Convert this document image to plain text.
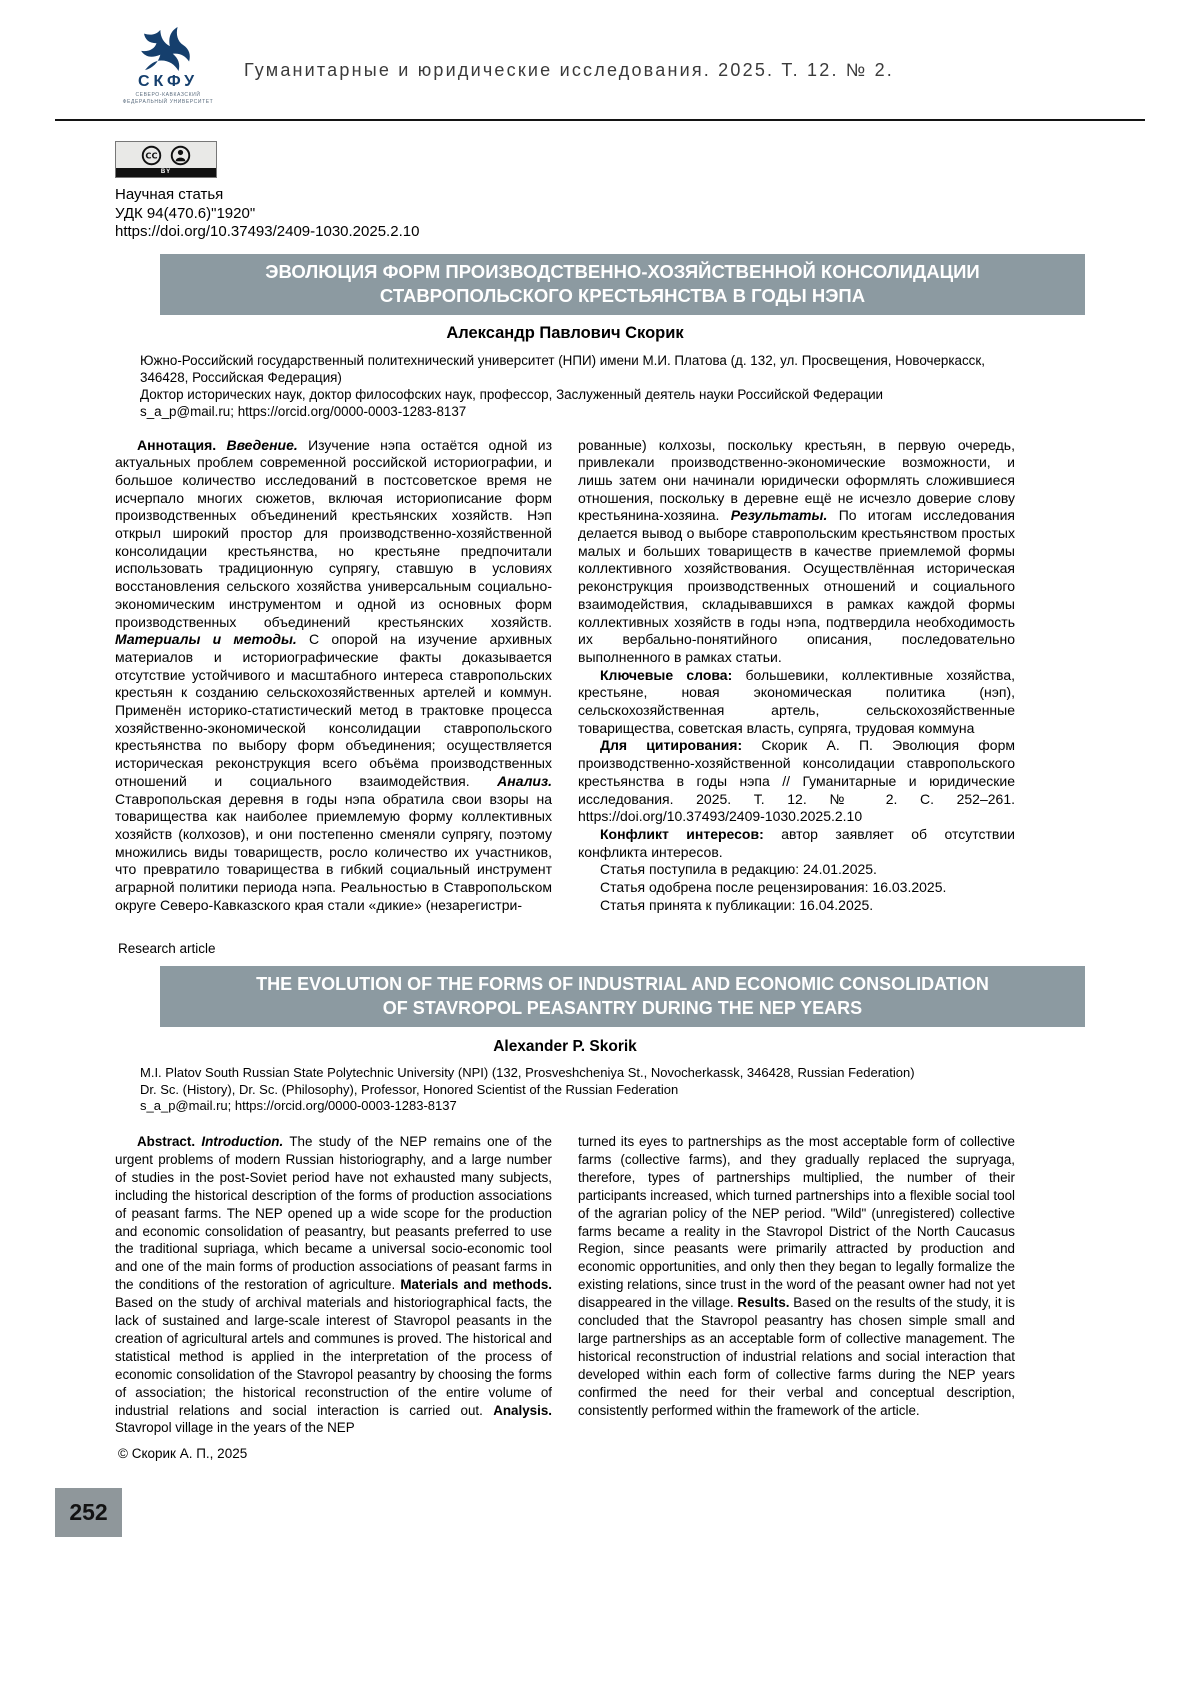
СКФУ
СЕВЕРО-КАВКАЗСКИЙ
ФЕДЕРАЛЬНЫЙ УНИВЕРСИТЕТ
Гуманитарные и юридические исследования. 2025. Т. 12. № 2.
CC
BY
Научная статья
УДК 94(470.6)"1920"
https://doi.org/10.37493/2409-1030.2025.2.10
ЭВОЛЮЦИЯ ФОРМ ПРОИЗВОДСТВЕННО-ХОЗЯЙСТВЕННОЙ КОНСОЛИДАЦИИ
СТАВРОПОЛЬСКОГО КРЕСТЬЯНСТВА В ГОДЫ НЭПА
Александр Павлович Скорик
Южно-Российский государственный политехнический университет (НПИ) имени М.И. Платова (д. 132, ул. Просвещения, Новочеркасск, 346428, Российская Федерация)
Доктор исторических наук, доктор философских наук, профессор, Заслуженный деятель науки Российской Федерации
s_a_p@mail.ru; https://orcid.org/0000-0003-1283-8137

Аннотация. Введение. Изучение нэпа остаётся одной из актуальных проблем современной российской историографии, и большое количество исследований в постсоветское время не исчерпало многих сюжетов, включая историописание форм производственных объединений крестьянских хозяйств. Нэп открыл широкий простор для производственно-хозяйственной консолидации крестьянства, но крестьяне предпочитали использовать традиционную супрягу, ставшую в условиях восстановления сельского хозяйства универсальным социально-экономическим инструментом и одной из основных форм производственных объединений крестьянских хозяйств. Материалы и методы. С опорой на изучение архивных материалов и историографические факты доказывается отсутствие устойчивого и масштабного интереса ставропольских крестьян к созданию сельскохозяйственных артелей и коммун. Применён историко-статистический метод в трактовке процесса хозяйственно-экономической консолидации ставропольского крестьянства по выбору форм объединения; осуществляется историческая реконструкция всего объёма производственных отношений и социального взаимодействия. Анализ. Ставропольская деревня в годы нэпа обратила свои взоры на товарищества как наиболее приемлемую форму коллективных хозяйств (колхозов), и они постепенно сменяли супрягу, поэтому множились виды товариществ, росло количество их участников, что превратило товарищества в гибкий социальный инструмент аграрной политики периода нэпа. Реальностью в Ставропольском округе Северо-Кавказского края стали «дикие» (незарегистри-

рованные) колхозы, поскольку крестьян, в первую очередь, привлекали производственно-экономические возможности, и лишь затем они начинали юридически оформлять сложившиеся отношения, поскольку в деревне ещё не исчезло доверие слову крестьянина-хозяина. Результаты. По итогам исследования делается вывод о выборе ставропольским крестьянством простых малых и больших товариществ в качестве приемлемой формы коллективного хозяйствования. Осуществлённая историческая реконструкция производственных отношений и социального взаимодействия, складывавшихся в рамках каждой формы коллективных хозяйств в годы нэпа, подтвердила необходимость их вербально-понятийного описания, последовательно выполненного в рамках статьи.

Ключевые слова: большевики, коллективные хозяйства, крестьяне, новая экономическая политика (нэп), сельскохозяйственная артель, сельскохозяйственные товарищества, советская власть, супряга, трудовая коммуна

Для цитирования: Скорик А. П. Эволюция форм производственно-хозяйственной консолидации ставропольского крестьянства в годы нэпа // Гуманитарные и юридические исследования. 2025. Т. 12. № 2. С. 252–261. https://doi.org/10.37493/2409-1030.2025.2.10

Конфликт интересов: автор заявляет об отсутствии конфликта интересов.

Статья поступила в редакцию: 24.01.2025.

Статья одобрена после рецензирования: 16.03.2025.

Статья принята к публикации: 16.04.2025.

Research article
THE EVOLUTION OF THE FORMS OF INDUSTRIAL AND ECONOMIC CONSOLIDATION
OF STAVROPOL PEASANTRY DURING THE NEP YEARS
Alexander P. Skorik
M.I. Platov South Russian State Polytechnic University (NPI) (132, Prosveshcheniya St., Novocherkassk, 346428, Russian Federation)
Dr. Sc. (History), Dr. Sc. (Philosophy), Professor, Honored Scientist of the Russian Federation
s_a_p@mail.ru; https://orcid.org/0000-0003-1283-8137

Abstract. Introduction. The study of the NEP remains one of the urgent problems of modern Russian historiography, and a large number of studies in the post-Soviet period have not exhausted many subjects, including the historical description of the forms of production associations of peasant farms. The NEP opened up a wide scope for the production and economic consolidation of peasantry, but peasants preferred to use the traditional supriaga, which became a universal socio-economic tool and one of the main forms of production associations of peasant farms in the conditions of the restoration of agriculture. Materials and methods. Based on the study of archival materials and historiographical facts, the lack of sustained and large-scale interest of Stavropol peasants in the creation of agricultural artels and communes is proved. The historical and statistical method is applied in the interpretation of the process of economic consolidation of the Stavropol peasantry by choosing the forms of association; the historical reconstruction of the entire volume of industrial relations and social interaction is carried out. Analysis. Stavropol village in the years of the NEP

turned its eyes to partnerships as the most acceptable form of collective farms (collective farms), and they gradually replaced the supryaga, therefore, types of partnerships multiplied, the number of their participants increased, which turned partnerships into a flexible social tool of the agrarian policy of the NEP period. "Wild" (unregistered) collective farms became a reality in the Stavropol District of the North Caucasus Region, since peasants were primarily attracted by production and economic opportunities, and only then they began to legally formalize the existing relations, since trust in the word of the peasant owner had not yet disappeared in the village. Results. Based on the results of the study, it is concluded that the Stavropol peasantry has chosen simple small and large partnerships as an acceptable form of collective management. The historical reconstruction of industrial relations and social interaction that developed within each form of collective farms during the NEP years confirmed the need for their verbal and conceptual description, consistently performed within the framework of the article.

© Скорик А. П., 2025
252
